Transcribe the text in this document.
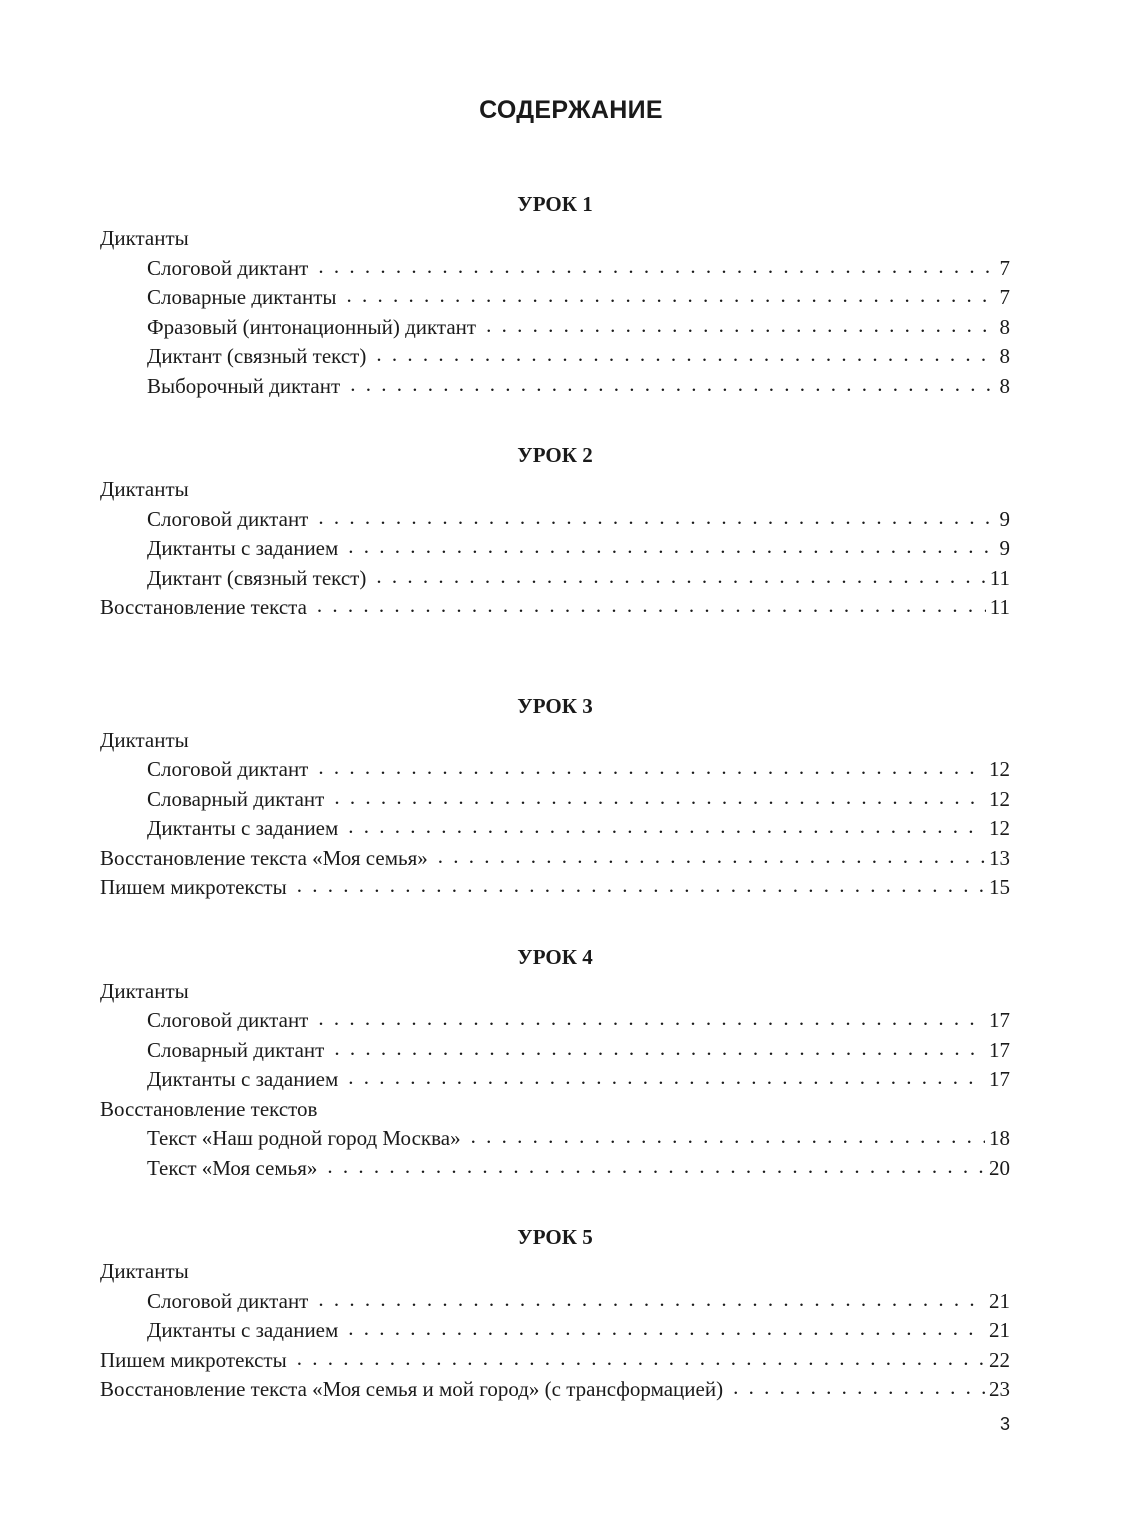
СОДЕРЖАНИЕ
УРОК 1
Диктанты
Слоговой диктант . . .	7
Словарные диктанты . . .	7
Фразовый (интонационный) диктант . . .	8
Диктант (связный текст) . . .	8
Выборочный диктант . . .	8
УРОК 2
Диктанты
Слоговой диктант . . .	9
Диктанты с заданием . . .	9
Диктант (связный текст) . . .	11
Восстановление текста . . .	11
УРОК 3
Диктанты
Слоговой диктант . . .	12
Словарный диктант . . .	12
Диктанты с заданием . . .	12
Восстановление текста «Моя семья» . . .	13
Пишем микротексты . . .	15
УРОК 4
Диктанты
Слоговой диктант . . .	17
Словарный диктант . . .	17
Диктанты с заданием . . .	17
Восстановление текстов
Текст «Наш родной город Москва» . . .	18
Текст «Моя семья» . . .	20
УРОК 5
Диктанты
Слоговой диктант . . .	21
Диктанты с заданием . . .	21
Пишем микротексты . . .	22
Восстановление текста «Моя семья и мой город» (с трансформацией) . . .	23
3
